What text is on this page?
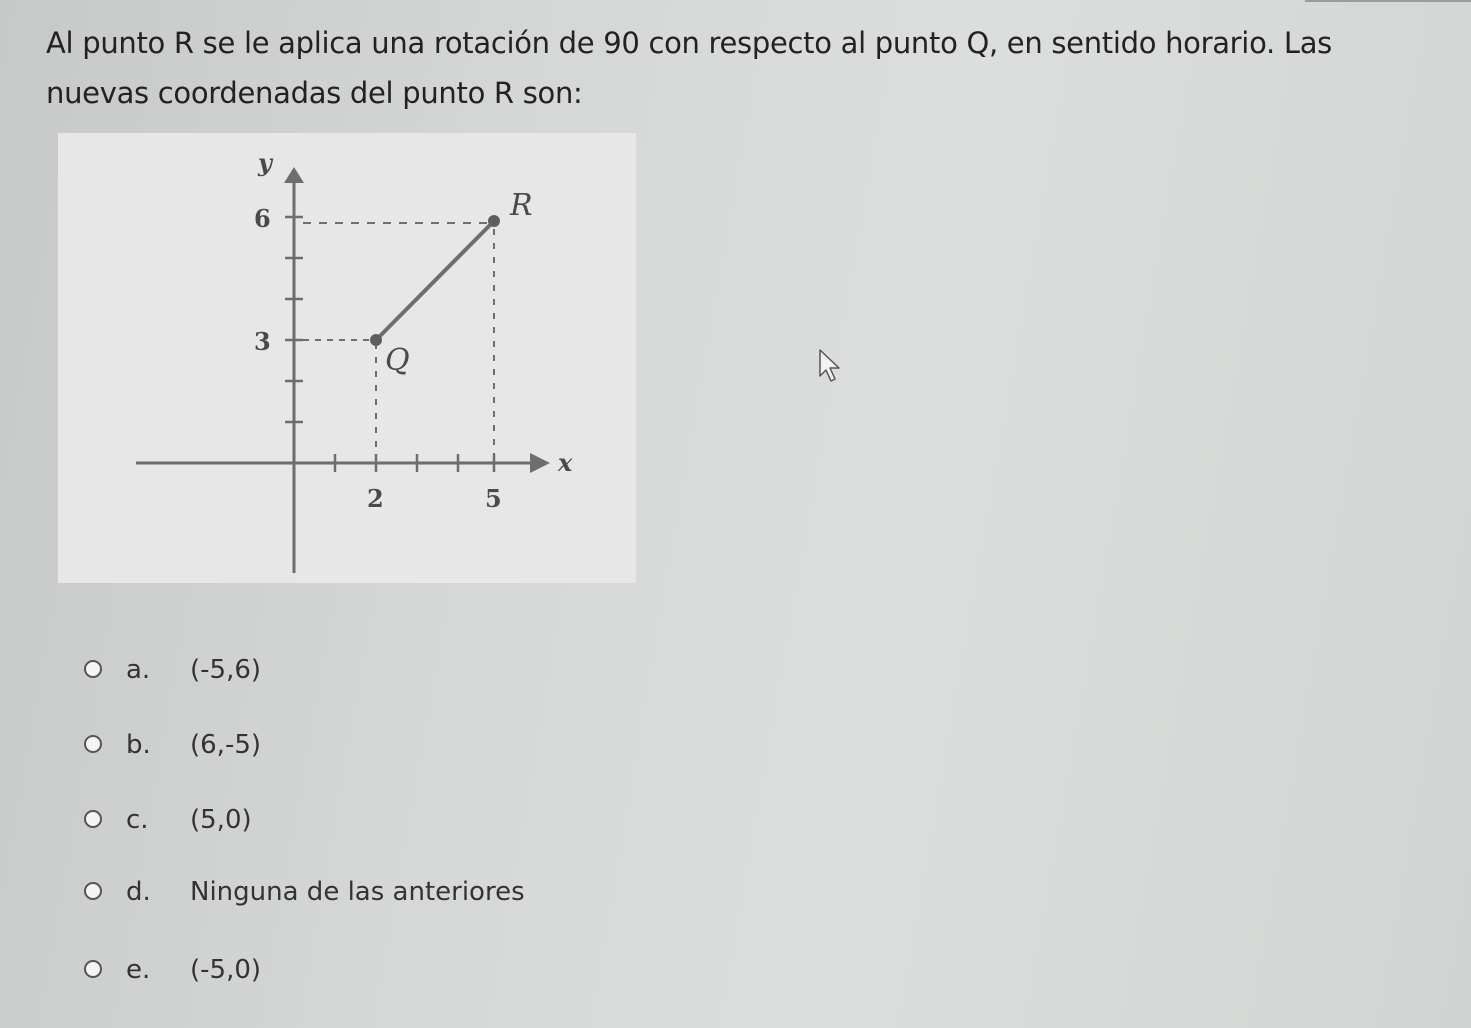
Al punto R se le aplica una rotación de 90 con respecto al punto Q, en sentido horario. Las nuevas coordenadas del punto R son:
R
Q
6
3
2	5
x
y
a. (-5,6)
b. (6,-5)
c. (5,0)
d. Ninguna de las anteriores
e. (-5,0)
